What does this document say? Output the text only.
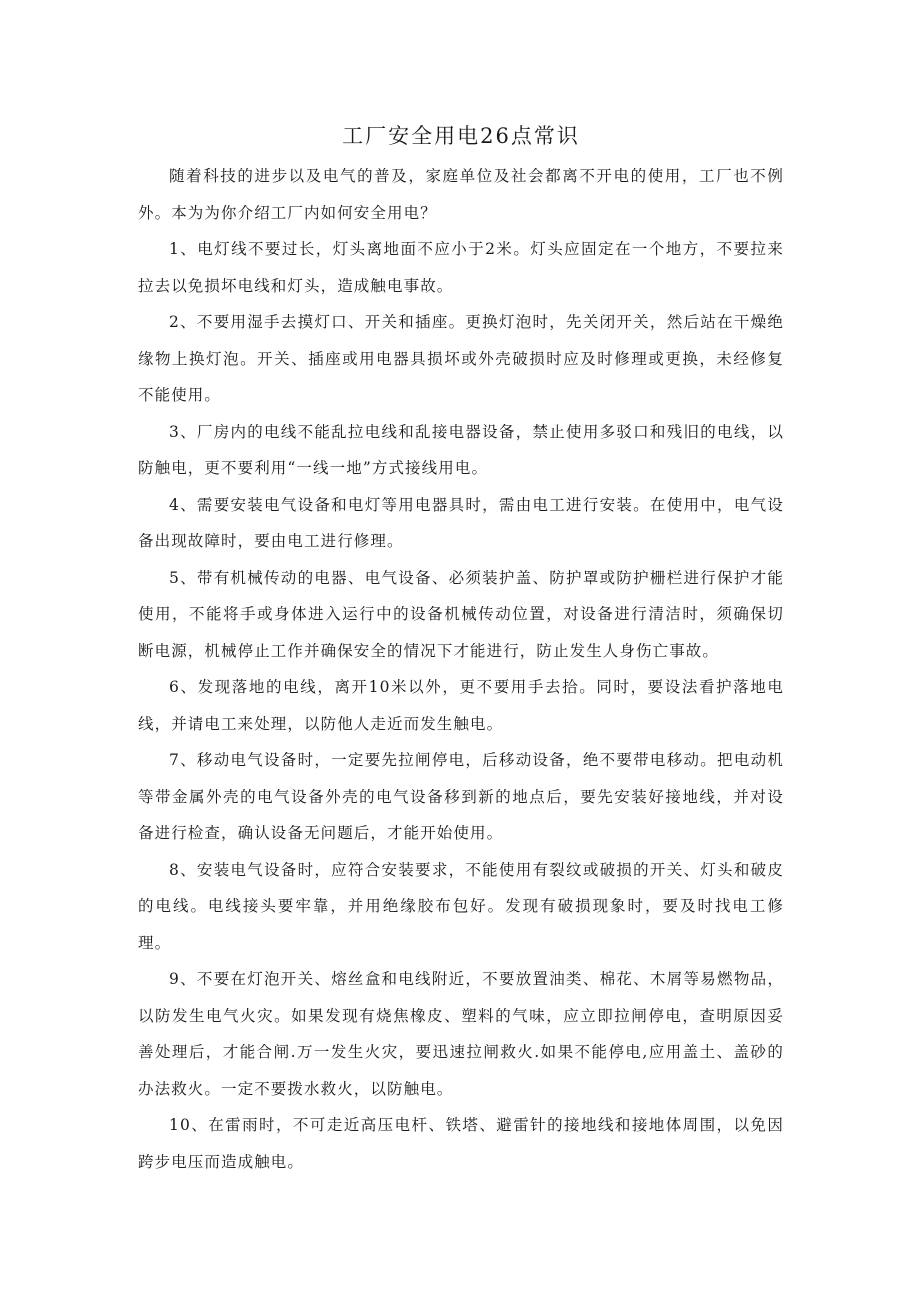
工厂安全用电26点常识

随着科技的进步以及电气的普及，家庭单位及社会都离不开电的使用，工厂也不例外。本为为你介绍工厂内如何安全用电？

1、电灯线不要过长，灯头离地面不应小于2米。灯头应固定在一个地方，不要拉来拉去以免损坏电线和灯头，造成触电事故。

2、不要用湿手去摸灯口、开关和插座。更换灯泡时，先关闭开关，然后站在干燥绝缘物上换灯泡。开关、插座或用电器具损坏或外壳破损时应及时修理或更换，未经修复不能使用。

3、厂房内的电线不能乱拉电线和乱接电器设备，禁止使用多驳口和残旧的电线，以防触电，更不要利用“一线一地”方式接线用电。

4、需要安装电气设备和电灯等用电器具时，需由电工进行安装。在使用中，电气设备出现故障时，要由电工进行修理。

5、带有机械传动的电器、电气设备、必须装护盖、防护罩或防护栅栏进行保护才能使用，不能将手或身体进入运行中的设备机械传动位置，对设备进行清洁时，须确保切断电源，机械停止工作并确保安全的情况下才能进行，防止发生人身伤亡事故。

6、发现落地的电线，离开10米以外，更不要用手去拾。同时，要设法看护落地电线，并请电工来处理，以防他人走近而发生触电。

7、移动电气设备时，一定要先拉闸停电，后移动设备，绝不要带电移动。把电动机等带金属外壳的电气设备外壳的电气设备移到新的地点后，要先安装好接地线，并对设备进行检查，确认设备无问题后，才能开始使用。

8、安装电气设备时，应符合安装要求，不能使用有裂纹或破损的开关、灯头和破皮的电线。电线接头要牢靠，并用绝缘胶布包好。发现有破损现象时，要及时找电工修理。

9、不要在灯泡开关、熔丝盒和电线附近，不要放置油类、棉花、木屑等易燃物品，以防发生电气火灾。如果发现有烧焦橡皮、塑料的气味，应立即拉闸停电，查明原因妥善处理后，才能合闸.万一发生火灾，要迅速拉闸救火.如果不能停电,应用盖土、盖砂的办法救火。一定不要拨水救火，以防触电。

10、在雷雨时，不可走近高压电杆、铁塔、避雷针的接地线和接地体周围，以免因跨步电压而造成触电。
